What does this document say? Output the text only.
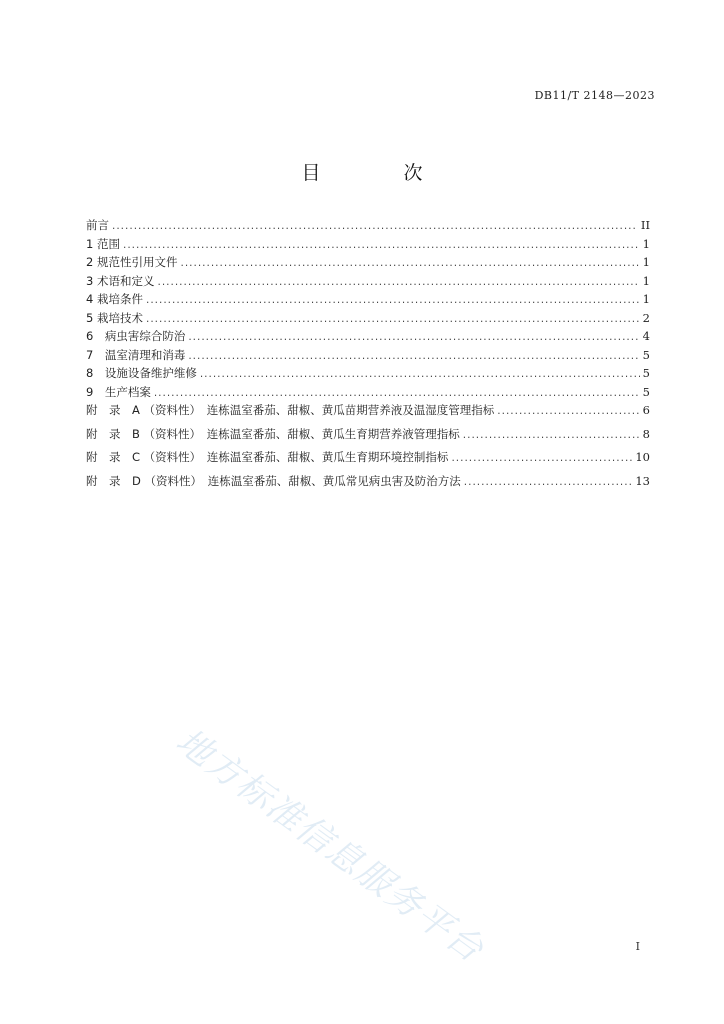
DB11/T 2148—2023
目　次
前言 .....	II
1 范围 .....	1
2 规范性引用文件 .....	1
3 术语和定义 .....	1
4 栽培条件 .....	1
5 栽培技术 .....	2
6　病虫害综合防治 .....	4
7　温室清理和消毒 .....	5
8　设施设备维护维修 .....	5
9　生产档案 .....	5
附　录　A （资料性）　连栋温室番茄、甜椒、黄瓜苗期营养液及温湿度管理指标 .....	6
附　录　B （资料性）　连栋温室番茄、甜椒、黄瓜生育期营养液管理指标 .....	8
附　录　C （资料性）　连栋温室番茄、甜椒、黄瓜生育期环境控制指标 .....	10
附　录　D （资料性）　连栋温室番茄、甜椒、黄瓜常见病虫害及防治方法 .....	13
地方标准信息服务平台	I
